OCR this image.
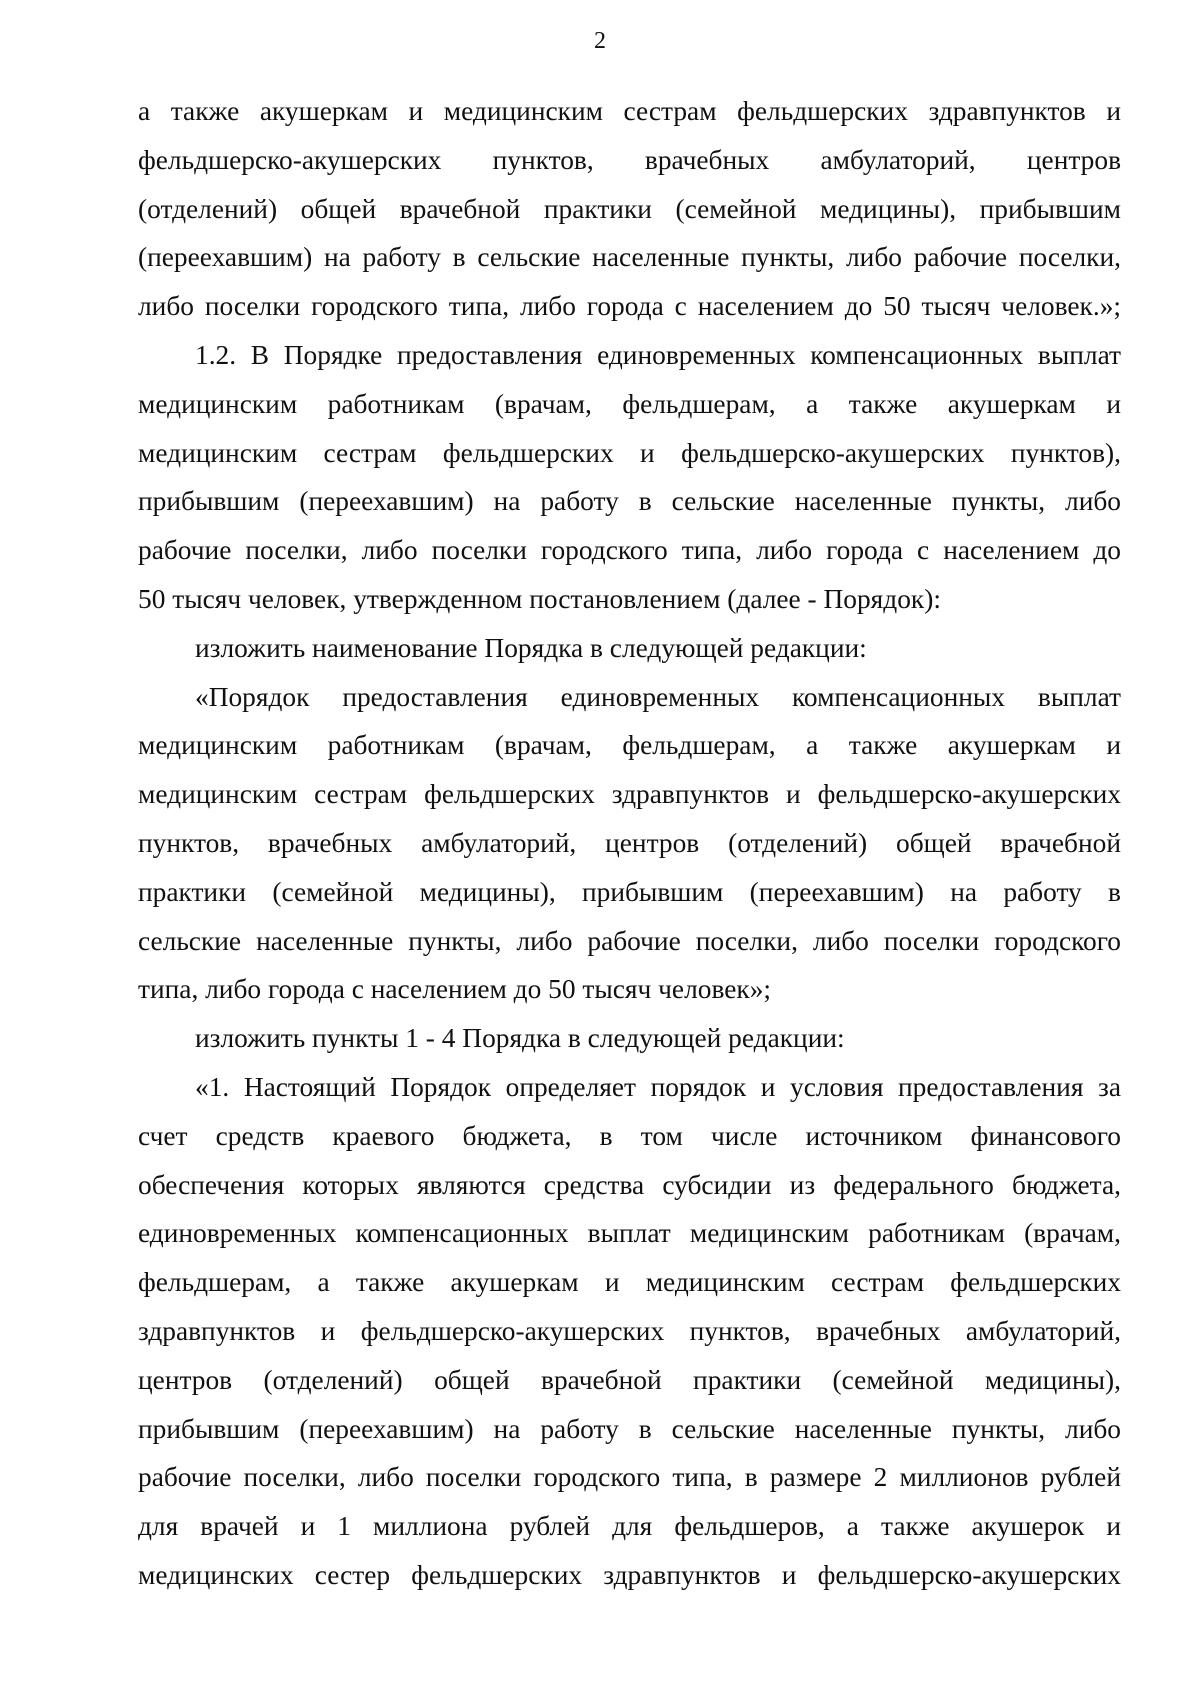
2
а также акушеркам и медицинским сестрам фельдшерских здравпунктов и
фельдшерско-акушерских пунктов, врачебных амбулаторий, центров
(отделений) общей врачебной практики (семейной медицины), прибывшим
(переехавшим) на работу в сельские населенные пункты, либо рабочие поселки,
либо поселки городского типа, либо города с населением до 50 тысяч человек.»;
1.2. В Порядке предоставления единовременных компенсационных выплат
медицинским работникам (врачам, фельдшерам, а также акушеркам и
медицинским сестрам фельдшерских и фельдшерско-акушерских пунктов),
прибывшим (переехавшим) на работу в сельские населенные пункты, либо
рабочие поселки, либо поселки городского типа, либо города с населением до
50 тысяч человек, утвержденном постановлением (далее - Порядок):
изложить наименование Порядка в следующей редакции:
«Порядок предоставления единовременных компенсационных выплат
медицинским работникам (врачам, фельдшерам, а также акушеркам и
медицинским сестрам фельдшерских здравпунктов и фельдшерско-акушерских
пунктов, врачебных амбулаторий, центров (отделений) общей врачебной
практики (семейной медицины), прибывшим (переехавшим) на работу в
сельские населенные пункты, либо рабочие поселки, либо поселки городского
типа, либо города с населением до 50 тысяч человек»;
изложить пункты 1 - 4 Порядка в следующей редакции:
«1. Настоящий Порядок определяет порядок и условия предоставления за
счет средств краевого бюджета, в том числе источником финансового
обеспечения которых являются средства субсидии из федерального бюджета,
единовременных компенсационных выплат медицинским работникам (врачам,
фельдшерам, а также акушеркам и медицинским сестрам фельдшерских
здравпунктов и фельдшерско-акушерских пунктов, врачебных амбулаторий,
центров (отделений) общей врачебной практики (семейной медицины),
прибывшим (переехавшим) на работу в сельские населенные пункты, либо
рабочие поселки, либо поселки городского типа, в размере 2 миллионов рублей
для врачей и 1 миллиона рублей для фельдшеров, а также акушерок и
медицинских сестер фельдшерских здравпунктов и фельдшерско-акушерских
